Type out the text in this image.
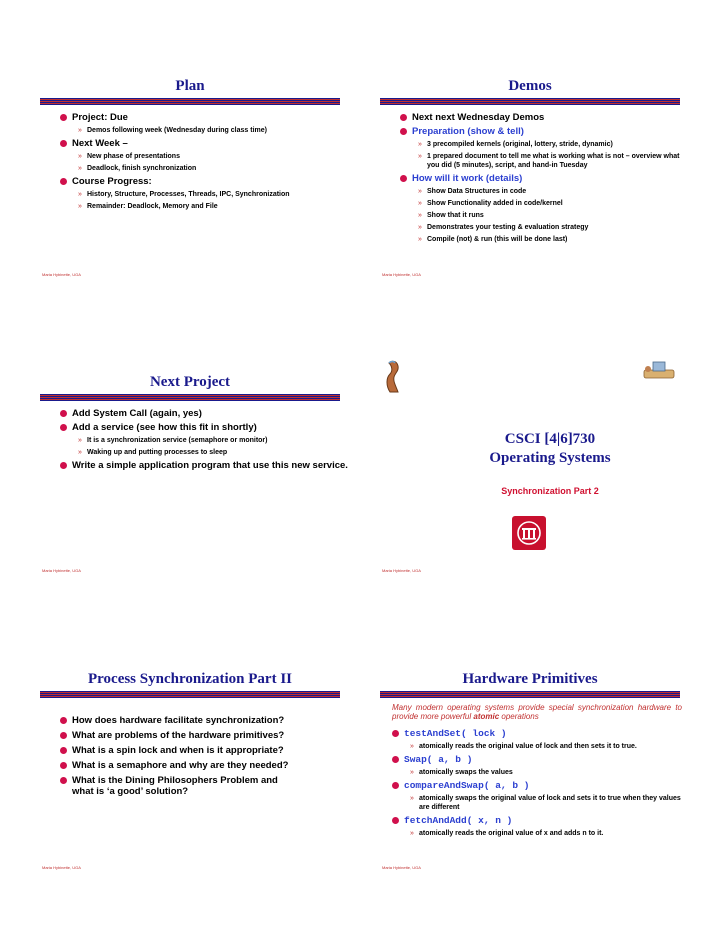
Plan
Project: Due
» Demos following week (Wednesday during class time)
Next Week –
» New phase of presentations
» Deadlock, finish synchronization
Course Progress:
» History, Structure, Processes, Threads, IPC, Synchronization
» Remainder: Deadlock, Memory and File
Maria Hybinette, UGA
Demos
Next next Wednesday Demos
Preparation (show & tell)
» 3 precompiled kernels (original, lottery, stride, dynamic)
» 1 prepared document to tell me what is working what is not – overview what you did (5 minutes), script, and hand-in Tuesday
How will it work (details)
» Show Data Structures in code
» Show Functionality added in code/kernel
» Show that it runs
» Demonstrates your testing & evaluation strategy
» Compile (not) & run (this will be done last)
Maria Hybinette, UGA
Next Project
Add System Call (again, yes)
Add a service (see how this fit in shortly)
» It is a synchronization service (semaphore or monitor)
» Waking up and putting processes to sleep
Write a simple application program that use this new service.
Maria Hybinette, UGA
CSCI [4|6]730
Operating Systems
Synchronization Part 2
Maria Hybinette, UGA
Process Synchronization Part II
How does hardware facilitate synchronization?
What are problems of the hardware primitives?
What is a spin lock and when is it appropriate?
What is a semaphore and why are they needed?
What is the Dining Philosophers Problem and what is ‘a good’ solution?
Maria Hybinette, UGA
Hardware Primitives
Many modern operating systems provide special synchronization hardware to provide more powerful atomic operations
testAndSet( lock )
» atomically reads the original value of lock and then sets it to true.
Swap( a, b )
» atomically swaps the values
compareAndSwap( a, b )
» atomically swaps the original value of lock and sets it to true when they values are different
fetchAndAdd( x, n )
» atomically reads the original value of x and adds n to it.
Maria Hybinette, UGA
